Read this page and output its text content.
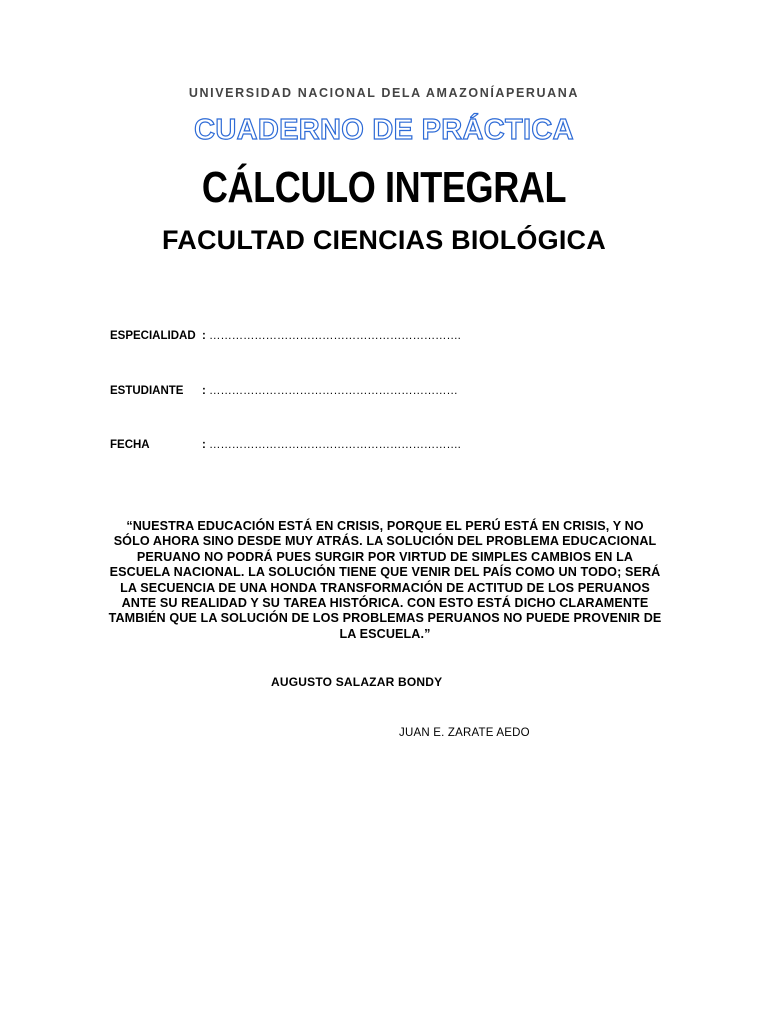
UNIVERSIDAD NACIONAL DELA AMAZONÍAPERUANA
CUADERNO DE PRÁCTICA
CÁLCULO INTEGRAL
FACULTAD CIENCIAS BIOLÓGICA
ESPECIALIDAD : ………………………………………………………….
ESTUDIANTE : …………………………………………………………
FECHA	: ………………………………………………………….
“NUESTRA EDUCACIÓN ESTÁ EN CRISIS, PORQUE EL PERÚ ESTÁ EN CRISIS, Y NO SÓLO AHORA SINO DESDE MUY ATRÁS. LA SOLUCIÓN DEL PROBLEMA EDUCACIONAL PERUANO NO PODRÁ PUES SURGIR POR VIRTUD DE SIMPLES CAMBIOS EN LA ESCUELA NACIONAL. LA SOLUCIÓN TIENE QUE VENIR DEL PAÍS COMO UN TODO; SERÁ LA SECUENCIA DE UNA HONDA TRANSFORMACIÓN DE ACTITUD DE LOS PERUANOS ANTE SU REALIDAD Y SU TAREA HISTÓRICA. CON ESTO ESTÁ DICHO CLARAMENTE TAMBIÉN QUE LA SOLUCIÓN DE LOS PROBLEMAS PERUANOS NO PUEDE PROVENIR DE LA ESCUELA.”
AUGUSTO SALAZAR BONDY
JUAN E. ZARATE AEDO
